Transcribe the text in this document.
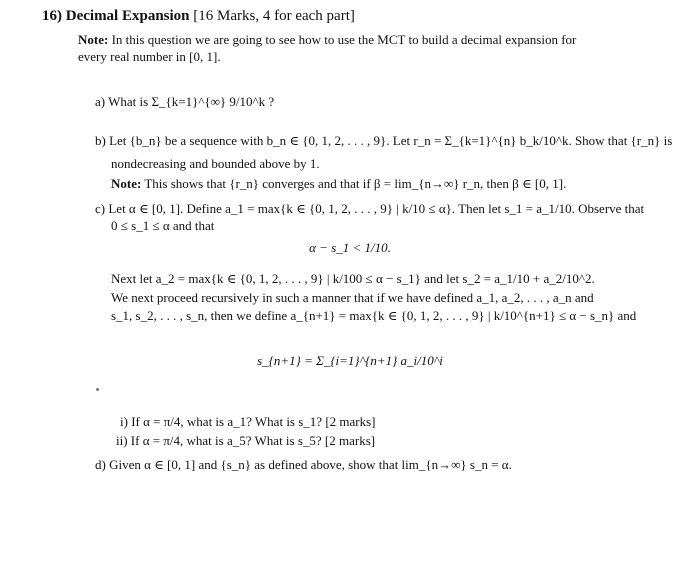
16) Decimal Expansion [16 Marks, 4 for each part]
Note: In this question we are going to see how to use the MCT to build a decimal expansion for
every real number in [0, 1].
a) What is Σ_{k=1}^{∞} 9/10^k ?
b) Let {b_n} be a sequence with b_n ∈ {0, 1, 2, . . . , 9}. Let r_n = Σ_{k=1}^{n} b_k/10^k. Show that {r_n} is
nondecreasing and bounded above by 1.
Note: This shows that {r_n} converges and that if β = lim_{n→∞} r_n, then β ∈ [0, 1].
c) Let α ∈ [0, 1]. Define a_1 = max{k ∈ {0, 1, 2, . . . , 9} | k/10 ≤ α}. Then let s_1 = a_1/10. Observe that
0 ≤ s_1 ≤ α and that
α − s_1 < 1/10.
Next let a_2 = max{k ∈ {0, 1, 2, . . . , 9} | k/100 ≤ α − s_1} and let s_2 = a_1/10 + a_2/10^2.
We next proceed recursively in such a manner that if we have defined a_1, a_2, . . . , a_n and
s_1, s_2, . . . , s_n, then we define a_{n+1} = max{k ∈ {0, 1, 2, . . . , 9} | k/10^{n+1} ≤ α − s_n} and
s_{n+1} = Σ_{i=1}^{n+1} a_i/10^i
i) If α = π/4, what is a_1? What is s_1? [2 marks]
ii) If α = π/4, what is a_5? What is s_5? [2 marks]
d) Given α ∈ [0, 1] and {s_n} as defined above, show that lim_{n→∞} s_n = α.
